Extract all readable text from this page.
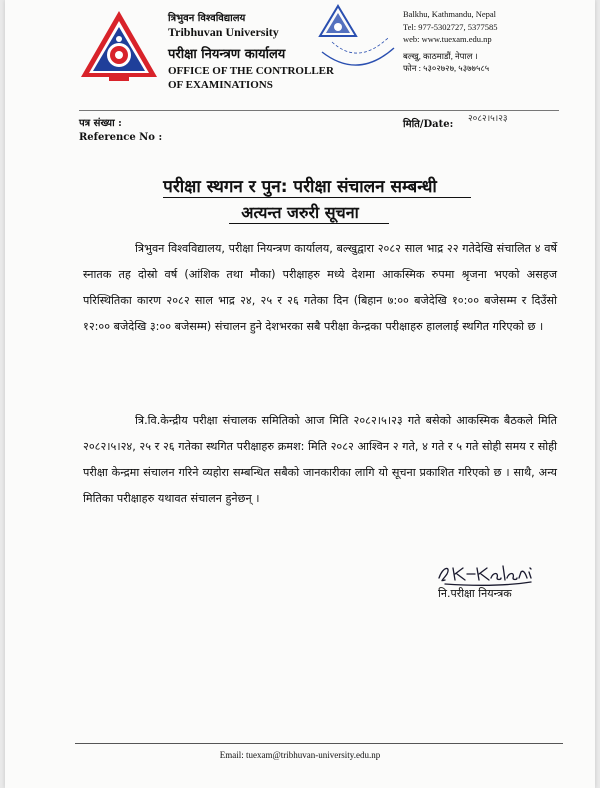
त्रिभुवन विश्वविद्यालय
Tribhuvan University
परीक्षा नियन्त्रण कार्यालय
OFFICE OF THE CONTROLLER
OF EXAMINATIONS
Balkhu, Kathmandu, Nepal
Tel: 977-5302727, 5377585
web: www.tuexam.edu.np
बल्खु, काठमाडौं, नेपाल ।
फोन : ५३०२७२७, ५३७७५८५
पत्र संख्या :
Reference No :
मिति/Date: २०८२।५।२३
परीक्षा स्थगन र पुन: परीक्षा संचालन सम्बन्धी
अत्यन्त जरुरी सूचना
त्रिभुवन विश्वविद्यालय, परीक्षा नियन्त्रण कार्यालय, बल्खुद्वारा २०८२ साल भाद्र २२ गतेदेखि संचालित ४ वर्षे स्नातक तह दोस्रो वर्ष (आंशिक तथा मौका) परीक्षाहरु मध्ये देशमा आकस्मिक रुपमा श्रृजना भएको असहज परिस्थितिका कारण २०८२ साल भाद्र २४, २५ र २६ गतेका दिन (बिहान ७:०० बजेदेखि १०:०० बजेसम्म र दिउँसो १२:०० बजेदेखि ३:०० बजेसम्म) संचालन हुने देशभरका सबै परीक्षा केन्द्रका परीक्षाहरु हाललाई स्थगित गरिएको छ ।
त्रि.वि.केन्द्रीय परीक्षा संचालक समितिको आज मिति २०८२।५।२३ गते बसेको आकस्मिक बैठकले मिति २०८२।५।२४, २५ र २६ गतेका स्थगित परीक्षाहरु क्रमश: मिति २०८२ आश्विन २ गते, ४ गते र ५ गते सोही समय र सोही परीक्षा केन्द्रमा संचालन गरिने व्यहोरा सम्बन्धित सबैको जानकारीका लागि यो सूचना प्रकाशित गरिएको छ । साथै, अन्य मितिका परीक्षाहरु यथावत संचालन हुनेछन् ।
नि.परीक्षा नियन्त्रक
Email: tuexam@tribhuvan-university.edu.np
